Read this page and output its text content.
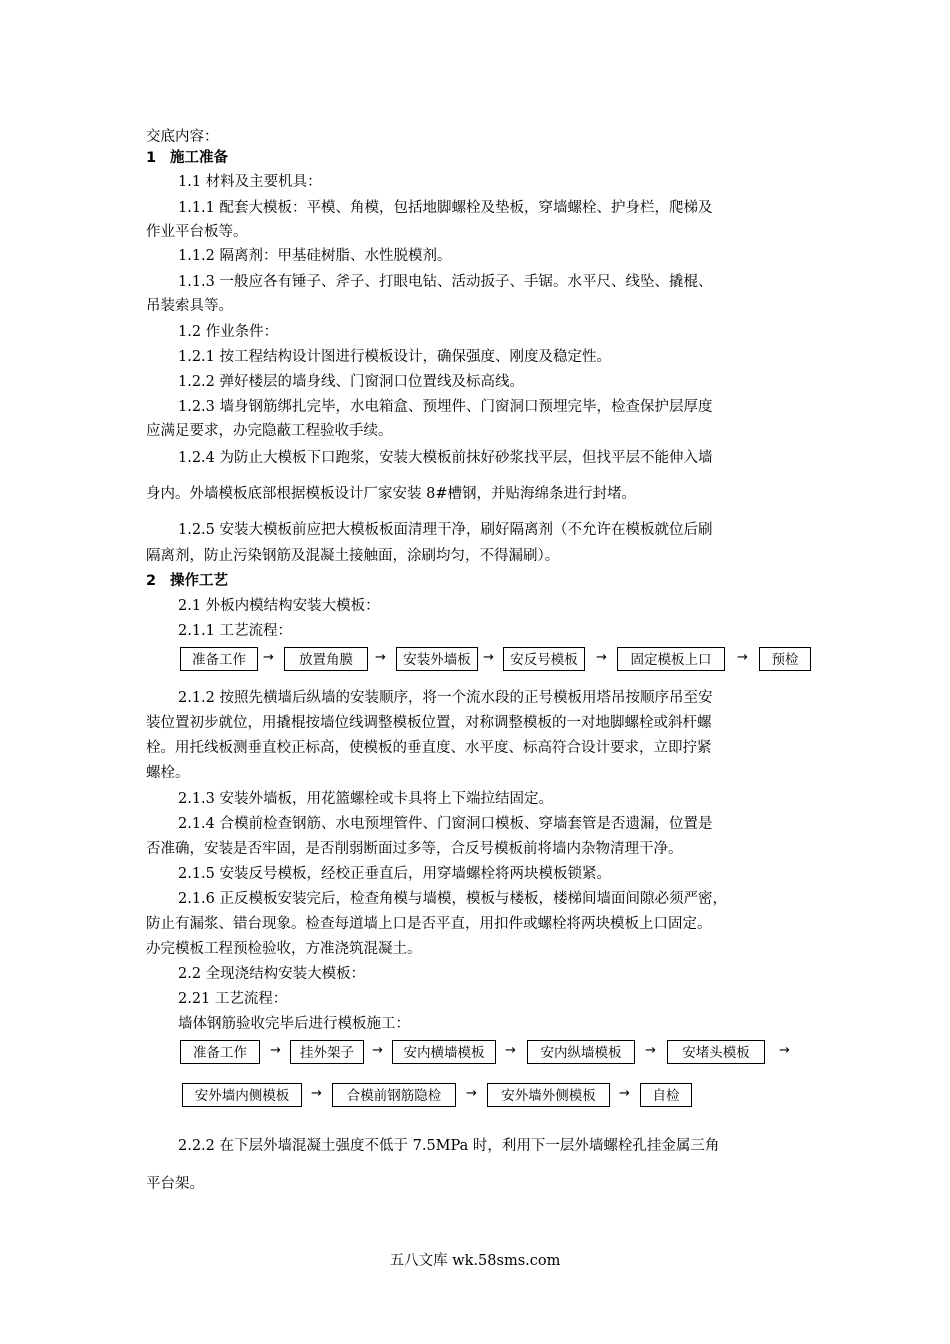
交底内容：
1 施工准备
1.1 材料及主要机具：
1.1.1 配套大模板：平模、角模，包括地脚螺栓及垫板，穿墙螺栓、护身栏，爬梯及
作业平台板等。
1.1.2 隔离剂：甲基硅树脂、水性脱模剂。
1.1.3 一般应各有锤子、斧子、打眼电钻、活动扳子、手锯。水平尺、线坠、撬棍、
吊装索具等。
1.2 作业条件：
1.2.1 按工程结构设计图进行模板设计，确保强度、刚度及稳定性。
1.2.2 弹好楼层的墙身线、门窗洞口位置线及标高线。
1.2.3 墙身钢筋绑扎完毕，水电箱盒、预埋件、门窗洞口预埋完毕，检查保护层厚度
应满足要求，办完隐蔽工程验收手续。
1.2.4 为防止大模板下口跑浆，安装大模板前抹好砂浆找平层，但找平层不能伸入墙
身内。外墙模板底部根据模板设计厂家安装 8#槽钢，并贴海绵条进行封堵。
1.2.5 安装大模板前应把大模板板面清理干净，刷好隔离剂（不允许在模板就位后刷
隔离剂，防止污染钢筋及混凝土接触面，涂刷均匀，不得漏刷）。
2 操作工艺
2.1 外板内模结构安装大模板：
2.1.1 工艺流程：
准备工作	→	放置角膜	→	安装外墙板 →	安反号模板	→	固定模板上口	→	预检
2.1.2 按照先横墙后纵墙的安装顺序，将一个流水段的正号模板用塔吊按顺序吊至安
装位置初步就位，用撬棍按墙位线调整模板位置，对称调整模板的一对地脚螺栓或斜杆螺
栓。用托线板测垂直校正标高，使模板的垂直度、水平度、标高符合设计要求，立即拧紧
螺栓。
2.1.3 安装外墙板，用花篮螺栓或卡具将上下端拉结固定。
2.1.4 合模前检查钢筋、水电预埋管件、门窗洞口模板、穿墙套管是否遗漏，位置是
否准确，安装是否牢固，是否削弱断面过多等，合反号模板前将墙内杂物清理干净。
2.1.5 安装反号模板，经校正垂直后，用穿墙螺栓将两块模板锁紧。
2.1.6 正反模板安装完后，检查角模与墙模，模板与楼板，楼梯间墙面间隙必须严密，
防止有漏浆、错台现象。检查每道墙上口是否平直，用扣件或螺栓将两块模板上口固定。
办完模板工程预检验收，方准浇筑混凝土。
2.2 全现浇结构安装大模板：
2.21 工艺流程：
墙体钢筋验收完毕后进行模板施工：
准备工作	→	挂外架子	→	安内横墙模板	→	安内纵墙模板	→	安堵头模板	→
安外墙内侧模板	→	合模前钢筋隐检	→	安外墙外侧模板	→	自检
2.2.2 在下层外墙混凝土强度不低于 7.5MPa 时，利用下一层外墙螺栓孔挂金属三角
平台架。
五八文库 wk.58sms.com
